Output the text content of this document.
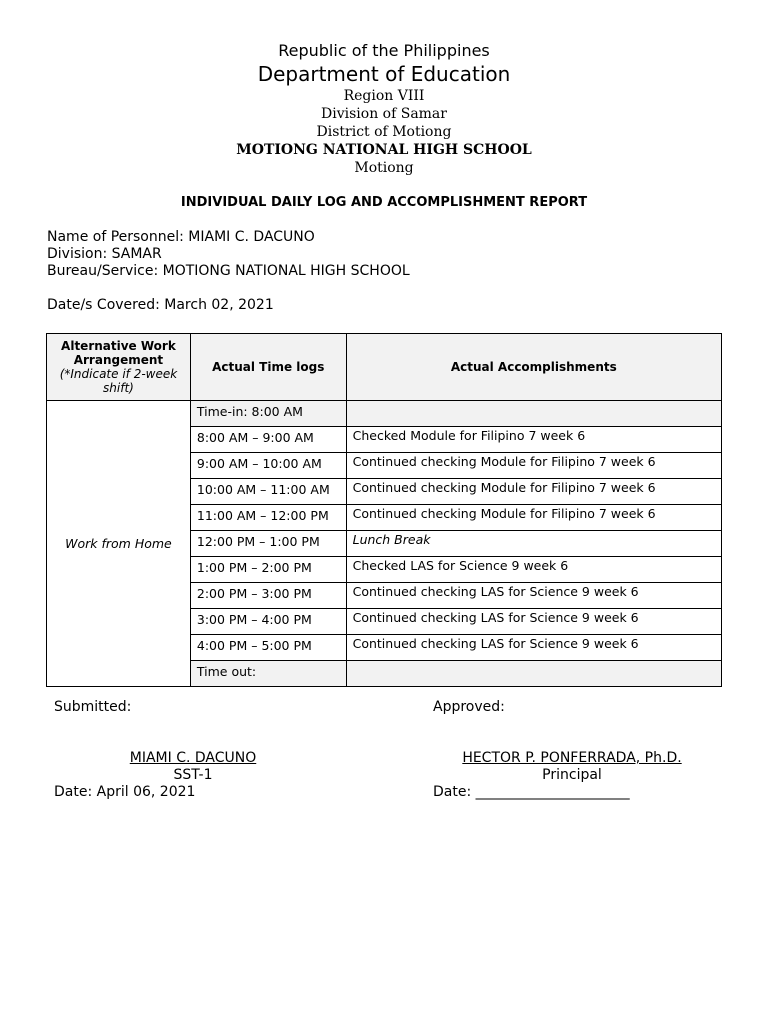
Republic of the Philippines
Department of Education
Region VIII
Division of Samar
District of Motiong
MOTIONG NATIONAL HIGH SCHOOL
Motiong
INDIVIDUAL DAILY LOG AND ACCOMPLISHMENT REPORT
Name of Personnel: MIAMI C. DACUNO
Division: SAMAR
Bureau/Service: MOTIONG NATIONAL HIGH SCHOOL
Date/s Covered: March 02, 2021
Alternative Work Arrangement
(*Indicate if 2-week shift)	Actual Time logs	Actual Accomplishments
Work from Home	Time-in: 8:00 AM	
	8:00 AM – 9:00 AM	Checked Module for Filipino 7 week 6
	9:00 AM – 10:00 AM	Continued checking Module for Filipino 7 week 6
	10:00 AM – 11:00 AM	Continued checking Module for Filipino 7 week 6
	11:00 AM – 12:00 PM	Continued checking Module for Filipino 7 week 6
	12:00 PM – 1:00 PM	Lunch Break
	1:00 PM – 2:00 PM	Checked LAS for Science 9 week 6
	2:00 PM – 3:00 PM	Continued checking LAS for Science 9 week 6
	3:00 PM – 4:00 PM	Continued checking LAS for Science 9 week 6
	4:00 PM – 5:00 PM	Continued checking LAS for Science 9 week 6
	Time out:	
Submitted:	Approved:
MIAMI C. DACUNO
SST-1
Date: April 06, 2021
HECTOR P. PONFERRADA, Ph.D.
Principal
Date: ______________________
